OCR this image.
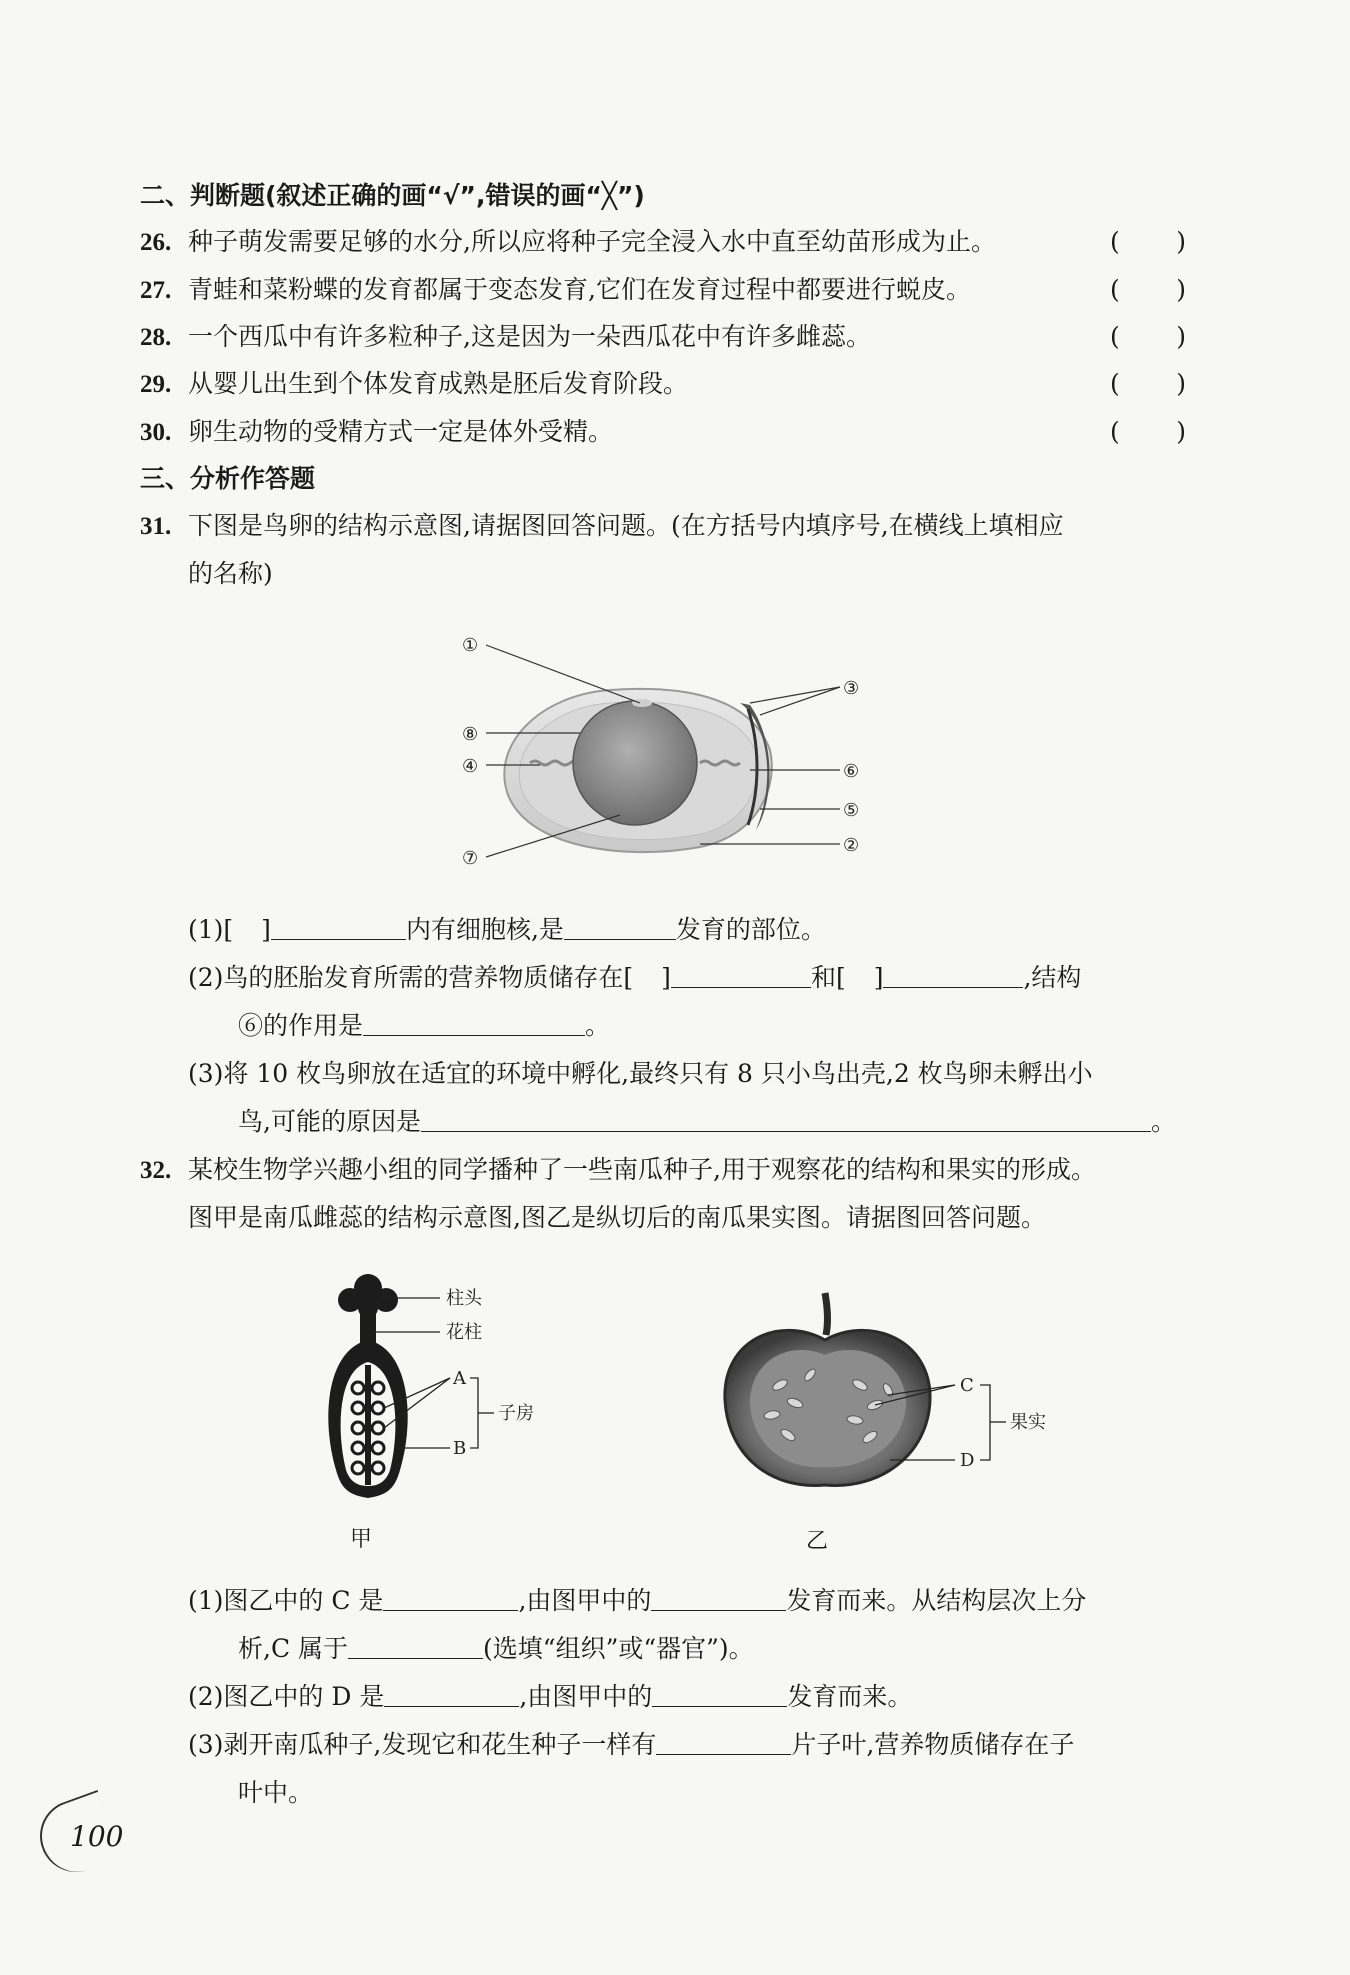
二、判断题(叙述正确的画“√”,错误的画“╳”)
26. 种子萌发需要足够的水分,所以应将种子完全浸入水中直至幼苗形成为止。	( )
27. 青蛙和菜粉蝶的发育都属于变态发育,它们在发育过程中都要进行蜕皮。	( )
28. 一个西瓜中有许多粒种子,这是因为一朵西瓜花中有许多雌蕊。	( )
29. 从婴儿出生到个体发育成熟是胚后发育阶段。	( )
30. 卵生动物的受精方式一定是体外受精。	( )
三、分析作答题
31. 下图是鸟卵的结构示意图,请据图回答问题。(在方括号内填序号,在横线上填相应
的名称)
①
②
③
④
⑤
⑥
⑦
⑧
(1)[ ]	内有细胞核,是	发育的部位。
(2)鸟的胚胎发育所需的营养物质储存在[ ]	和[ ]	,结构
⑥的作用是	。
(3)将 10 枚鸟卵放在适宜的环境中孵化,最终只有 8 只小鸟出壳,2 枚鸟卵未孵出小
鸟,可能的原因是	。
32. 某校生物学兴趣小组的同学播种了一些南瓜种子,用于观察花的结构和果实的形成。
图甲是南瓜雌蕊的结构示意图,图乙是纵切后的南瓜果实图。请据图回答问题。
柱头
花柱
A
B
子房
甲
C
D
果实
乙
(1)图乙中的 C 是	,由图甲中的	发育而来。从结构层次上分
析,C 属于	(选填“组织”或“器官”)。
(2)图乙中的 D 是	,由图甲中的	发育而来。
(3)剥开南瓜种子,发现它和花生种子一样有	片子叶,营养物质储存在子
叶中。
100
